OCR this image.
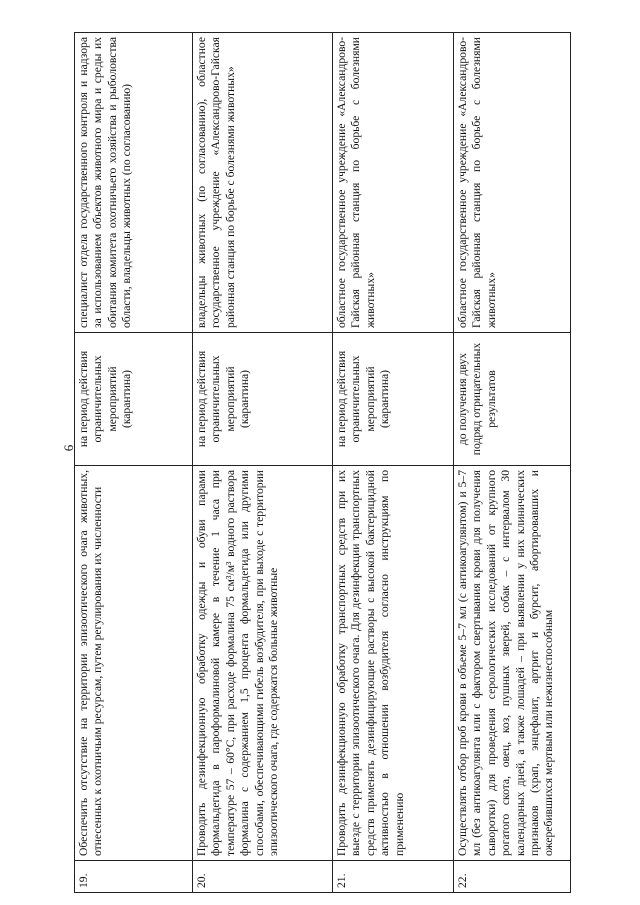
6
19.	Обеспечить отсутствие на территории эпизоотического очага животных, отнесенных к охотничьим ресурсам, путем регулирования их численности	на период действия ограничительных мероприятий (карантина)	специалист отдела государственного контроля и надзора за использованием объектов животного мира и среды их обитания комитета охотничьего хозяйства и рыболовства области, владельцы животных (по согласованию)

20.	Проводить дезинфекционную обработку одежды и обуви парами формальдегида в пароформалиновой камере в течение 1 часа при температуре 57 – 60°С, при расходе формалина 75 см³/м³ водного раствора формалина с содержанием 1,5 процента формальдегида или другими способами, обеспечивающими гибель возбудителя, при выходе с территории эпизоотического очага, где содержатся больные животные	на период действия ограничительных мероприятий (карантина)	владельцы животных (по согласованию), областное государственное учреждение «Александрово-Гайская районная станция по борьбе с болезнями животных»

21.	Проводить дезинфекционную обработку транспортных средств при их выезде с территории эпизоотического очага. Для дезинфекции транспортных средств применять дезинфицирующие растворы с высокой бактерицидной активностью в отношении возбудителя согласно инструкциям по применению	на период действия ограничительных мероприятий (карантина)	областное государственное учреждение «Александрово-Гайская районная станция по борьбе с болезнями животных»

22.	Осуществлять отбор проб крови в объеме 5–7 мл (с антикоагулянтом) и 5–7 мл (без антикоагулянта или с фактором свертывания крови для получения сыворотки) для проведения серологических исследований от крупного рогатого скота, овец, коз, пушных зверей, собак – с интервалом 30 календарных дней, а также лошадей – при выявлении у них клинических признаков (храп, энцефалит, артрит и бурсит, абортировавших и ожеребившихся мертвым или нежизнеспособным	до получения двух подряд отрицательных результатов	областное государственное учреждение «Александрово-Гайская районная станция по борьбе с болезнями животных»
